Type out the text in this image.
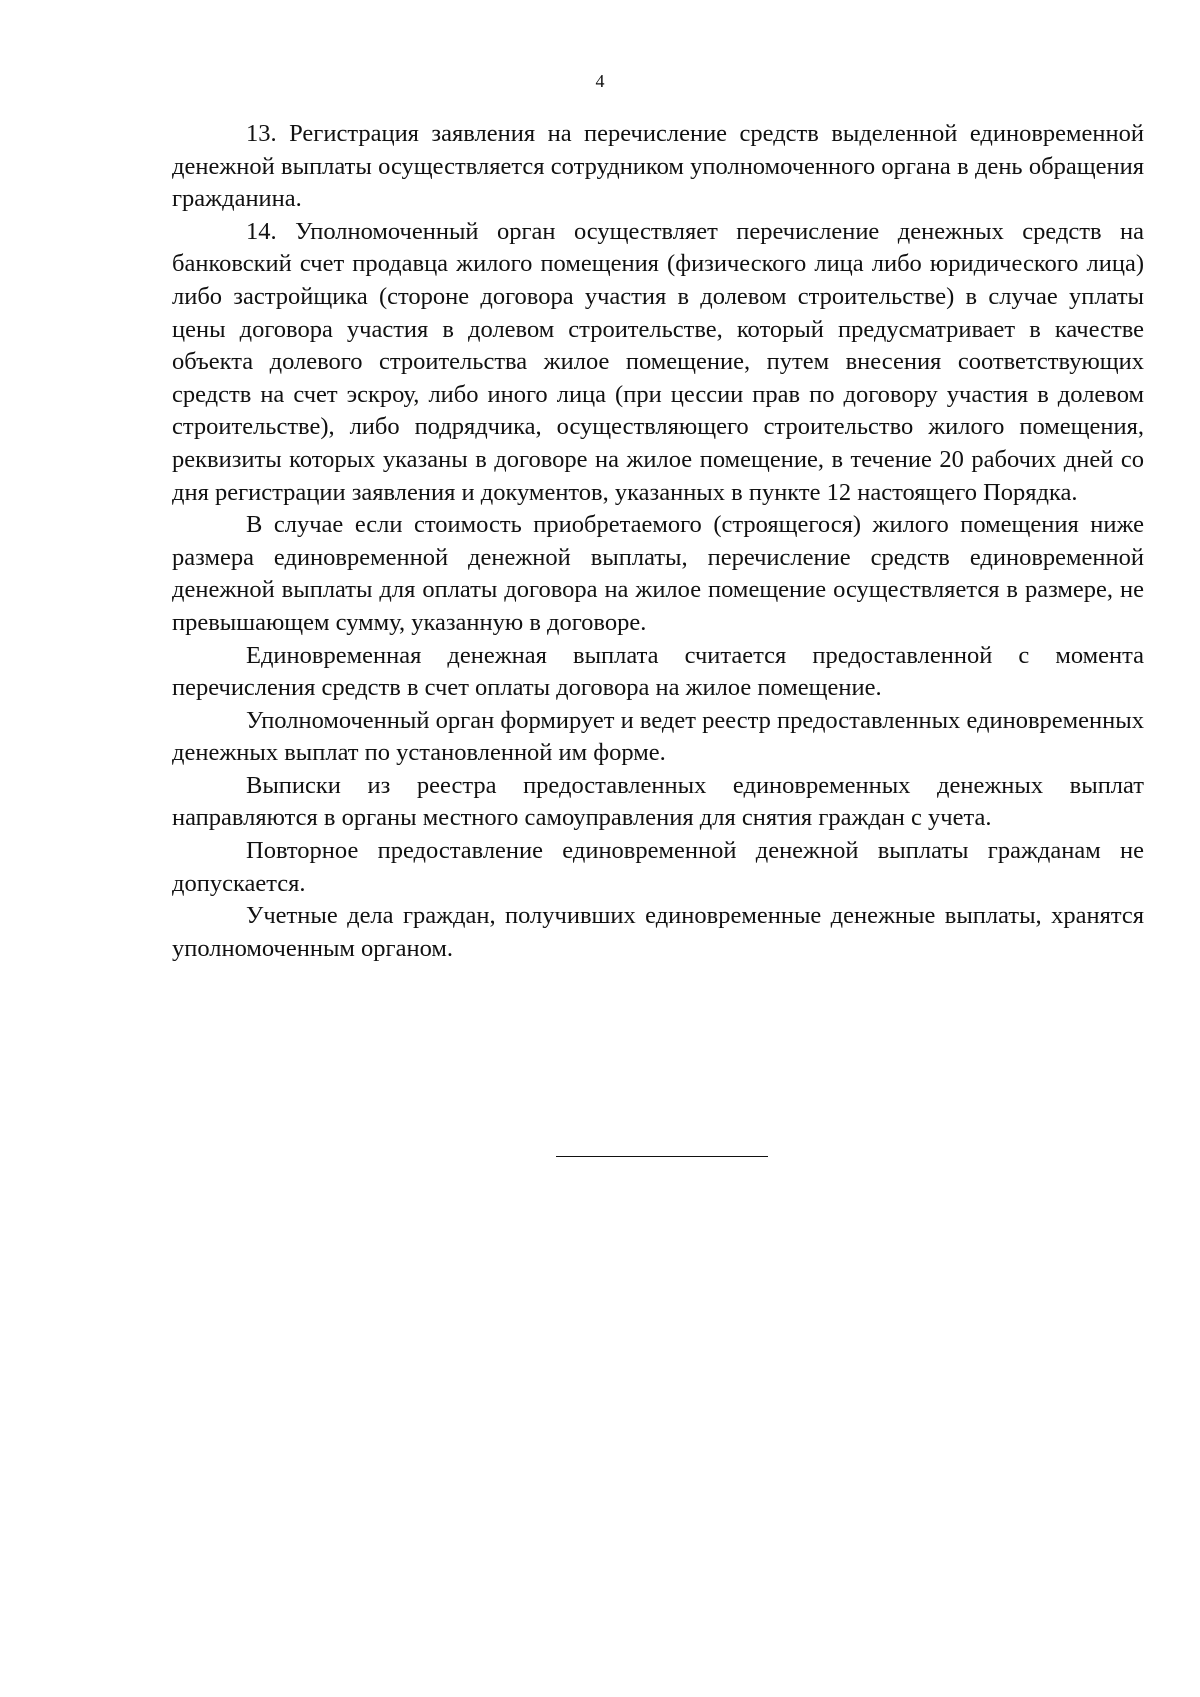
4

13. Регистрация заявления на перечисление средств выделенной единовременной денежной выплаты осуществляется сотрудником уполномоченного органа в день обращения гражданина.

14. Уполномоченный орган осуществляет перечисление денежных средств на банковский счет продавца жилого помещения (физического лица либо юридического лица) либо застройщика (стороне договора участия в долевом строительстве) в случае уплаты цены договора участия в долевом строительстве, который предусматривает в качестве объекта долевого строительства жилое помещение, путем внесения соответствующих средств на счет эскроу, либо иного лица (при цессии прав по договору участия в долевом строительстве), либо подрядчика, осуществляющего строительство жилого помещения, реквизиты которых указаны в договоре на жилое помещение, в течение 20 рабочих дней со дня регистрации заявления и документов, указанных в пункте 12 настоящего Порядка.

В случае если стоимость приобретаемого (строящегося) жилого помещения ниже размера единовременной денежной выплаты, перечисление средств единовременной денежной выплаты для оплаты договора на жилое помещение осуществляется в размере, не превышающем сумму, указанную в договоре.

Единовременная денежная выплата считается предоставленной с момента перечисления средств в счет оплаты договора на жилое помещение.

Уполномоченный орган формирует и ведет реестр предоставленных единовременных денежных выплат по установленной им форме.

Выписки из реестра предоставленных единовременных денежных выплат направляются в органы местного самоуправления для снятия граждан с учета.

Повторное предоставление единовременной денежной выплаты гражданам не допускается.

Учетные дела граждан, получивших единовременные денежные выплаты, хранятся уполномоченным органом.
